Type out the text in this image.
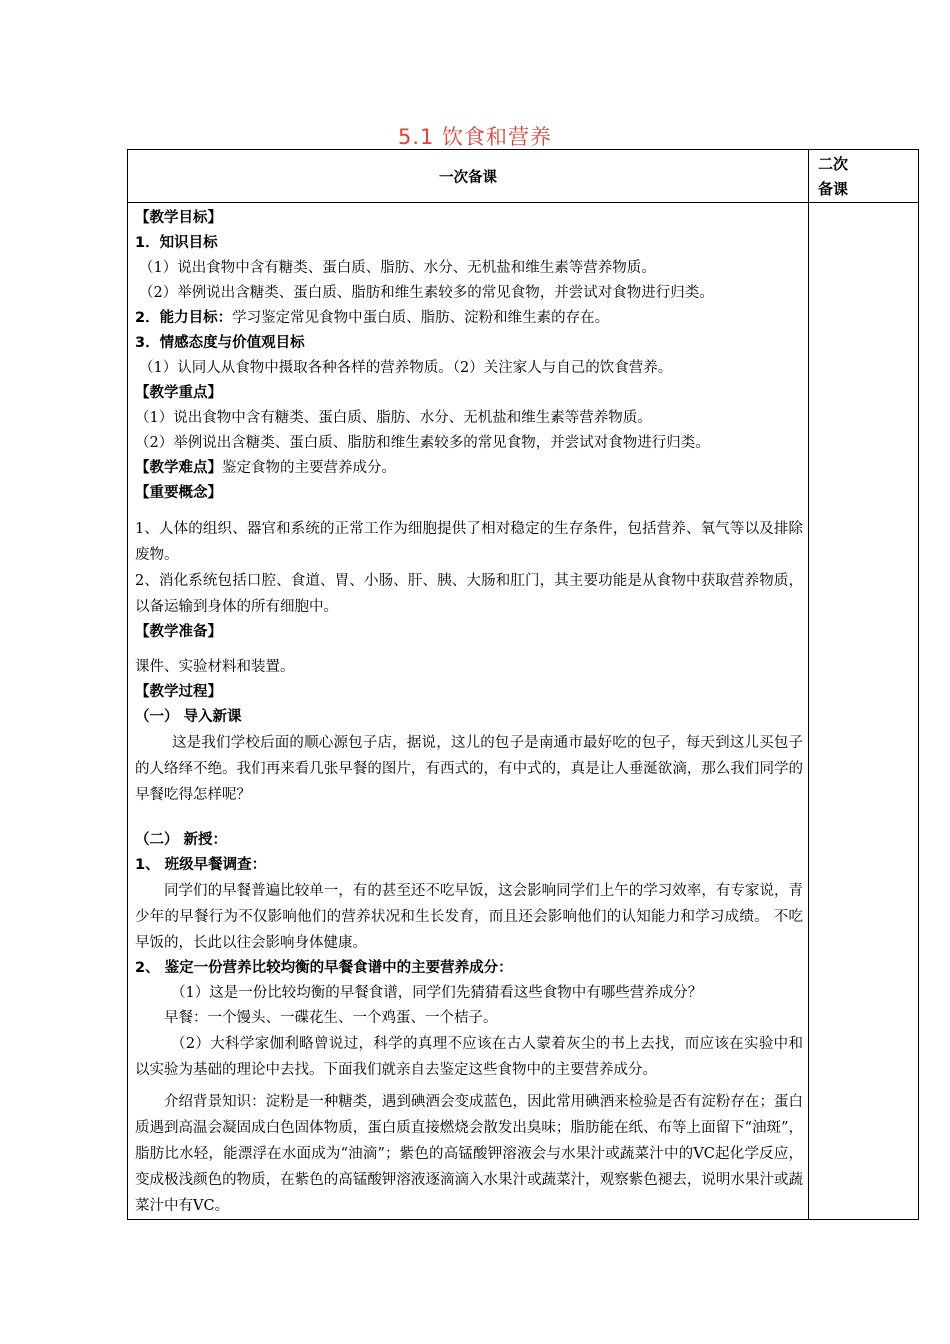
5.1 饮食和营养
一次备课
二次
备课
【教学目标】
1．知识目标
（1）说出食物中含有糖类、蛋白质、脂肪、水分、无机盐和维生素等营养物质。
（2）举例说出含糖类、蛋白质、脂肪和维生素较多的常见食物，并尝试对食物进行归类。
2．能力目标：学习鉴定常见食物中蛋白质、脂肪、淀粉和维生素的存在。
3．情感态度与价值观目标
（1）认同人从食物中摄取各种各样的营养物质。（2）关注家人与自己的饮食营养。
【教学重点】
（1）说出食物中含有糖类、蛋白质、脂肪、水分、无机盐和维生素等营养物质。
（2）举例说出含糖类、蛋白质、脂肪和维生素较多的常见食物，并尝试对食物进行归类。
【教学难点】鉴定食物的主要营养成分。
【重要概念】
1、人体的组织、器官和系统的正常工作为细胞提供了相对稳定的生存条件，包括营养、氧气等以及排除废物。
2、消化系统包括口腔、食道、胃、小肠、肝、胰、大肠和肛门，其主要功能是从食物中获取营养物质，以备运输到身体的所有细胞中。
【教学准备】
课件、实验材料和装置。
【教学过程】
（一） 导入新课
这是我们学校后面的顺心源包子店，据说，这儿的包子是南通市最好吃的包子，每天到这儿买包子的人络绎不绝。我们再来看几张早餐的图片，有西式的，有中式的，真是让人垂涎欲滴，那么我们同学的早餐吃得怎样呢？
（二） 新授：
1、 班级早餐调查：
同学们的早餐普遍比较单一，有的甚至还不吃早饭，这会影响同学们上午的学习效率，有专家说，青少年的早餐行为不仅影响他们的营养状况和生长发育，而且还会影响他们的认知能力和学习成绩。 不吃早饭的，长此以往会影响身体健康。
2、 鉴定一份营养比较均衡的早餐食谱中的主要营养成分：
（1）这是一份比较均衡的早餐食谱，同学们先猜猜看这些食物中有哪些营养成分？
早餐：一个馒头、一碟花生、一个鸡蛋、一个桔子。
（2）大科学家伽利略曾说过，科学的真理不应该在古人蒙着灰尘的书上去找，而应该在实验中和以实验为基础的理论中去找。下面我们就亲自去鉴定这些食物中的主要营养成分。
介绍背景知识：淀粉是一种糖类，遇到碘酒会变成蓝色，因此常用碘酒来检验是否有淀粉存在；蛋白质遇到高温会凝固成白色固体物质，蛋白质直接燃烧会散发出臭味；脂肪能在纸、布等上面留下“油斑”，脂肪比水轻，能漂浮在水面成为“油滴”；紫色的高锰酸钾溶液会与水果汁或蔬菜汁中的VC起化学反应，变成极浅颜色的物质，在紫色的高锰酸钾溶液逐滴滴入水果汁或蔬菜汁，观察紫色褪去，说明水果汁或蔬菜汁中有VC。
